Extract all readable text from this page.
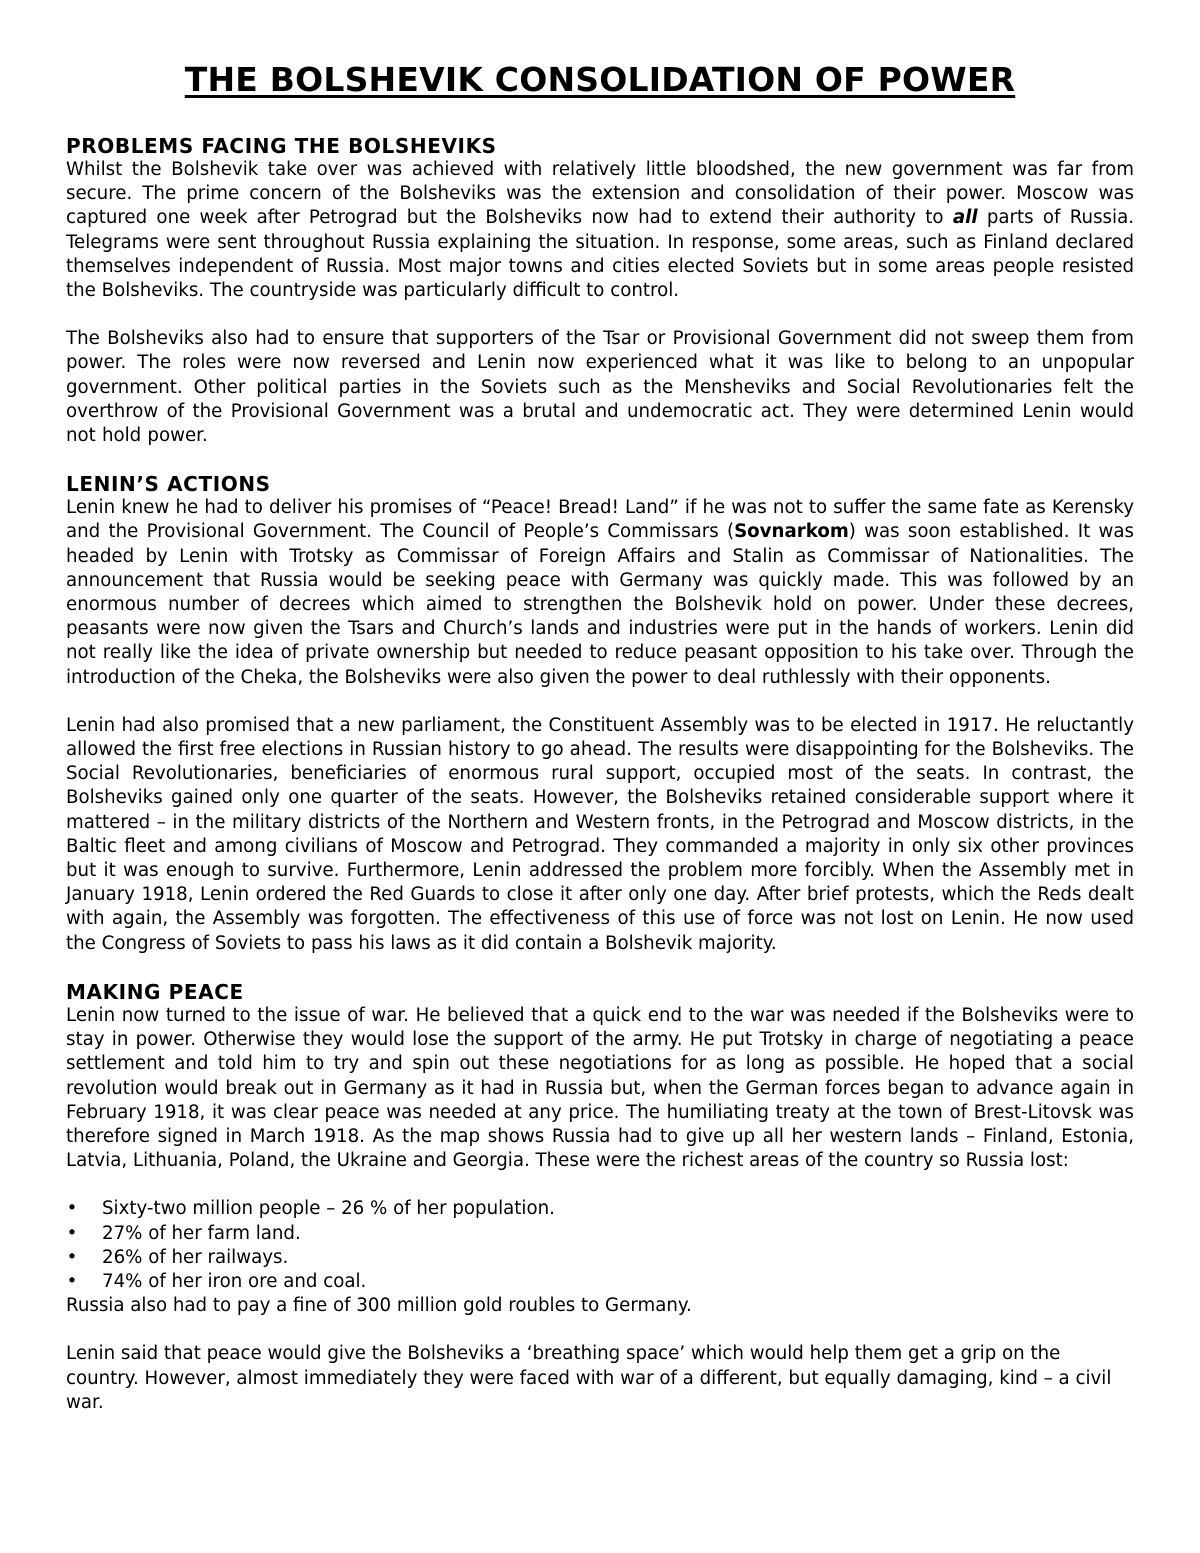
THE BOLSHEVIK CONSOLIDATION OF POWER
PROBLEMS FACING THE BOLSHEVIKS

Whilst the Bolshevik take over was achieved with relatively little bloodshed, the new government was far from secure. The prime concern of the Bolsheviks was the extension and consolidation of their power. Moscow was captured one week after Petrograd but the Bolsheviks now had to extend their authority to all parts of Russia. Telegrams were sent throughout Russia explaining the situation. In response, some areas, such as Finland declared themselves independent of Russia. Most major towns and cities elected Soviets but in some areas people resisted the Bolsheviks. The countryside was particularly difficult to control.

The Bolsheviks also had to ensure that supporters of the Tsar or Provisional Government did not sweep them from power. The roles were now reversed and Lenin now experienced what it was like to belong to an unpopular government. Other political parties in the Soviets such as the Mensheviks and Social Revolutionaries felt the overthrow of the Provisional Government was a brutal and undemocratic act. They were determined Lenin would not hold power.

LENIN’S ACTIONS

Lenin knew he had to deliver his promises of “Peace! Bread! Land” if he was not to suffer the same fate as Kerensky and the Provisional Government. The Council of People’s Commissars (Sovnarkom) was soon established. It was headed by Lenin with Trotsky as Commissar of Foreign Affairs and Stalin as Commissar of Nationalities. The announcement that Russia would be seeking peace with Germany was quickly made. This was followed by an enormous number of decrees which aimed to strengthen the Bolshevik hold on power. Under these decrees, peasants were now given the Tsars and Church’s lands and industries were put in the hands of workers. Lenin did not really like the idea of private ownership but needed to reduce peasant opposition to his take over. Through the introduction of the Cheka, the Bolsheviks were also given the power to deal ruthlessly with their opponents.

Lenin had also promised that a new parliament, the Constituent Assembly was to be elected in 1917. He reluctantly allowed the first free elections in Russian history to go ahead. The results were disappointing for the Bolsheviks. The Social Revolutionaries, beneficiaries of enormous rural support, occupied most of the seats. In contrast, the Bolsheviks gained only one quarter of the seats. However, the Bolsheviks retained considerable support where it mattered – in the military districts of the Northern and Western fronts, in the Petrograd and Moscow districts, in the Baltic fleet and among civilians of Moscow and Petrograd. They commanded a majority in only six other provinces but it was enough to survive. Furthermore, Lenin addressed the problem more forcibly. When the Assembly met in January 1918, Lenin ordered the Red Guards to close it after only one day. After brief protests, which the Reds dealt with again, the Assembly was forgotten. The effectiveness of this use of force was not lost on Lenin. He now used the Congress of Soviets to pass his laws as it did contain a Bolshevik majority.

MAKING PEACE

Lenin now turned to the issue of war. He believed that a quick end to the war was needed if the Bolsheviks were to stay in power. Otherwise they would lose the support of the army. He put Trotsky in charge of negotiating a peace settlement and told him to try and spin out these negotiations for as long as possible. He hoped that a social revolution would break out in Germany as it had in Russia but, when the German forces began to advance again in February 1918, it was clear peace was needed at any price. The humiliating treaty at the town of Brest-Litovsk was therefore signed in March 1918. As the map shows Russia had to give up all her western lands – Finland, Estonia, Latvia, Lithuania, Poland, the Ukraine and Georgia. These were the richest areas of the country so Russia lost:

• Sixty-two million people – 26 % of her population.
• 27% of her farm land.
• 26% of her railways.
• 74% of her iron ore and coal.

Russia also had to pay a fine of 300 million gold roubles to Germany.

Lenin said that peace would give the Bolsheviks a ‘breathing space’ which would help them get a grip on the country. However, almost immediately they were faced with war of a different, but equally damaging, kind – a civil war.
